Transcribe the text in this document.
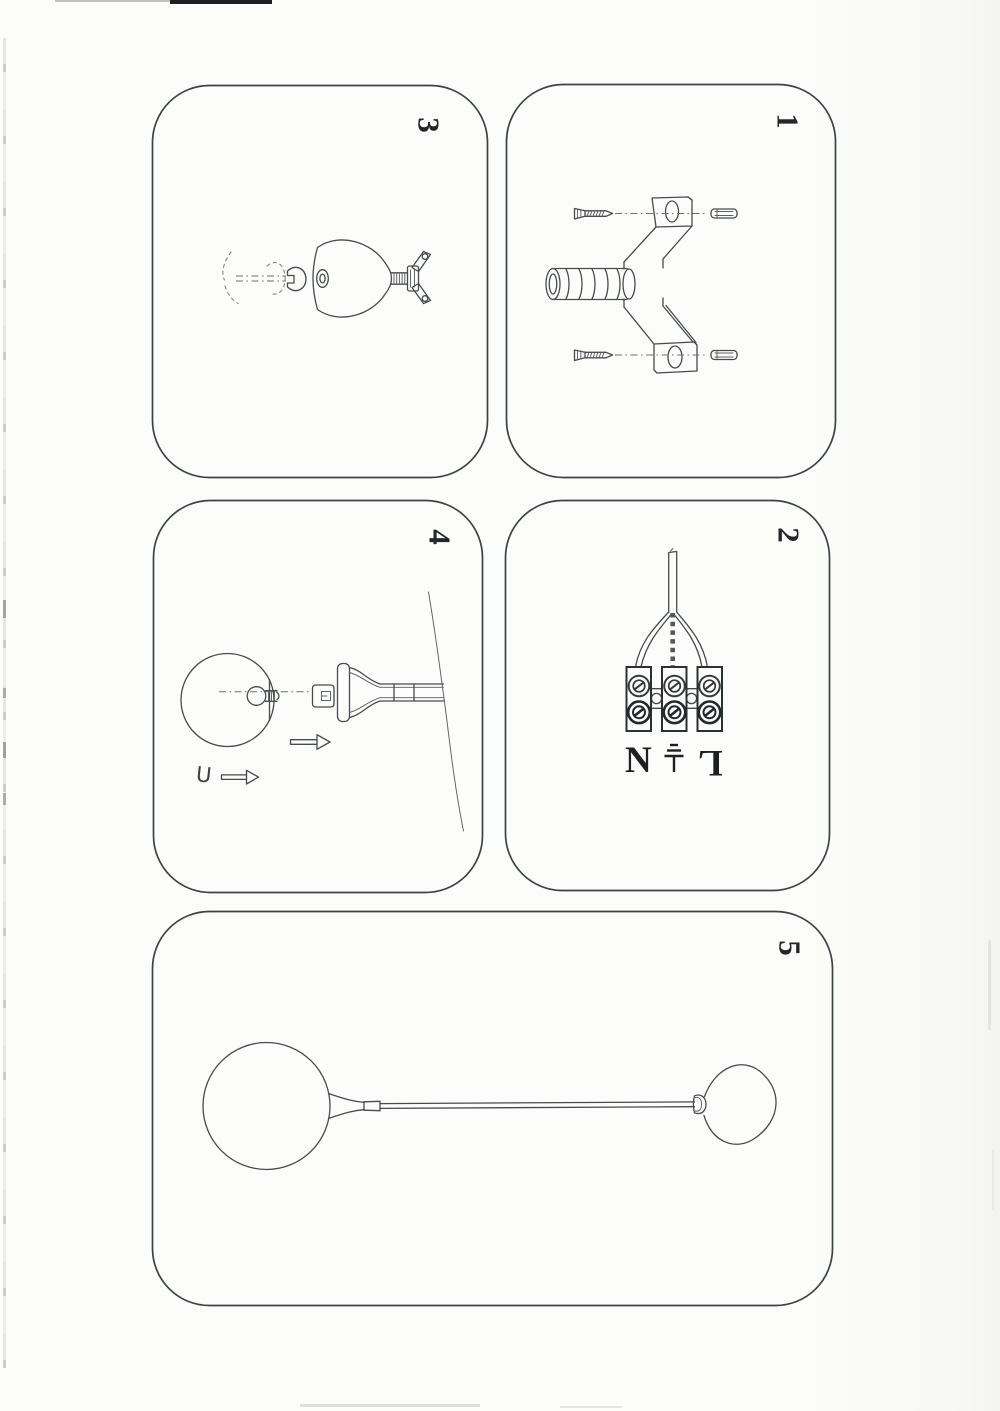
3	1
4	2
5
N L
U
